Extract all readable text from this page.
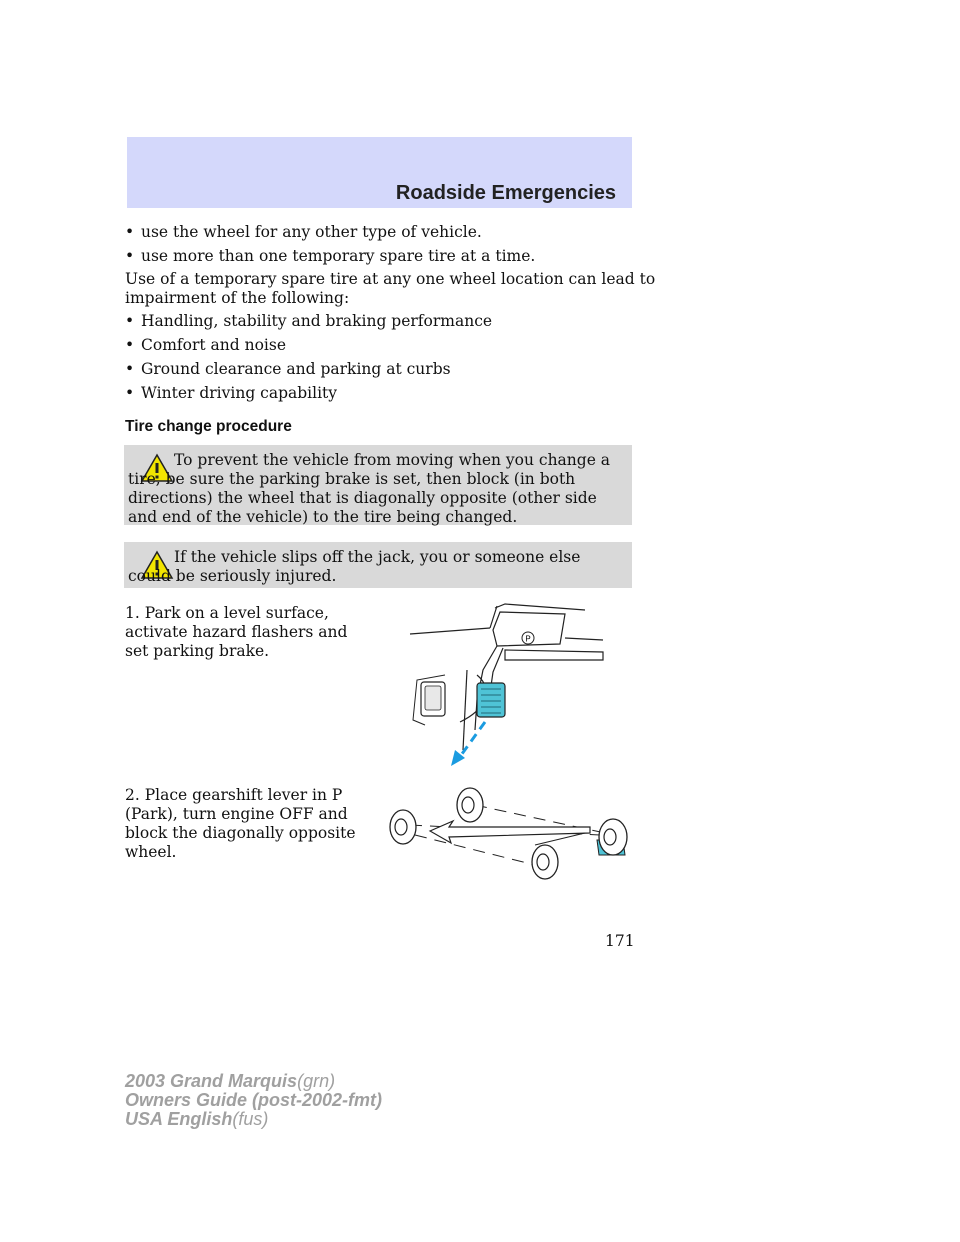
Roadside Emergencies
• use the wheel for any other type of vehicle.
• use more than one temporary spare tire at a time.
Use of a temporary spare tire at any one wheel location can lead to
impairment of the following:
• Handling, stability and braking performance
• Comfort and noise
• Ground clearance and parking at curbs
• Winter driving capability
Tire change procedure
To prevent the vehicle from moving when you change a tire, be sure the parking brake is set, then block (in both directions) the wheel that is diagonally opposite (other side and end of the vehicle) to the tire being changed.
If the vehicle slips off the jack, you or someone else could be seriously injured.
1. Park on a level surface, activate hazard flashers and set parking brake.
P
2. Place gearshift lever in P (Park), turn engine OFF and block the diagonally opposite wheel.
171
2003 Grand Marquis(grn)
Owners Guide (post-2002-fmt)
USA English(fus)
